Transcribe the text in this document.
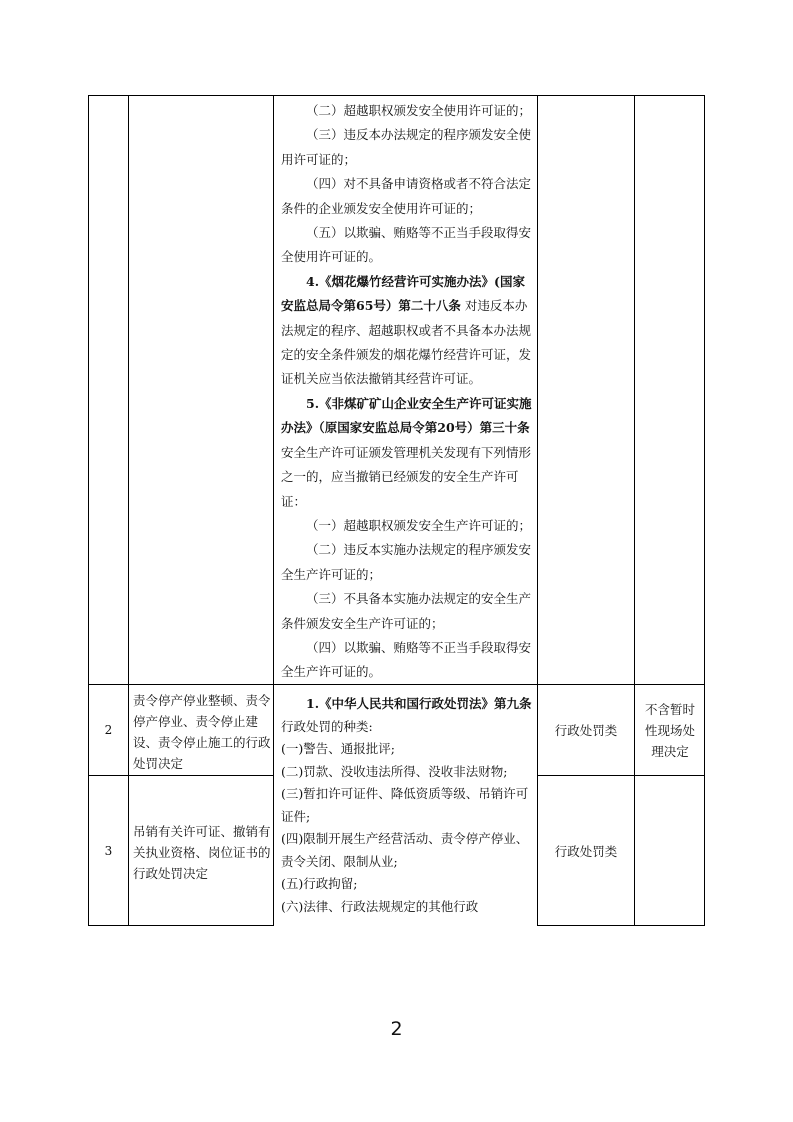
（二）超越职权颁发安全使用许可证的；

（三）违反本办法规定的程序颁发安全使用许可证的；

（四）对不具备申请资格或者不符合法定条件的企业颁发安全使用许可证的；

（五）以欺骗、贿赂等不正当手段取得安全使用许可证的。

4.《烟花爆竹经营许可实施办法》(国家安监总局令第65号）第二十八条 对违反本办法规定的程序、超越职权或者不具备本办法规定的安全条件颁发的烟花爆竹经营许可证，发证机关应当依法撤销其经营许可证。

5.《非煤矿矿山企业安全生产许可证实施办法》（原国家安监总局令第20号）第三十条 安全生产许可证颁发管理机关发现有下列情形之一的，应当撤销已经颁发的安全生产许可证：

（一）超越职权颁发安全生产许可证的；

（二）违反本实施办法规定的程序颁发安全生产许可证的；

（三）不具备本实施办法规定的安全生产条件颁发安全生产许可证的；

（四）以欺骗、贿赂等不正当手段取得安全生产许可证的。

2
责令停产停业整顿、责令停产停业、责令停止建设、责令停止施工的行政处罚决定
行政处罚类
不含暂时性现场处理决定
3
吊销有关许可证、撤销有关执业资格、岗位证书的行政处罚决定
行政处罚类

1.《中华人民共和国行政处罚法》第九条 行政处罚的种类:

(一)警告、通报批评;

(二)罚款、没收违法所得、没收非法财物;

(三)暂扣许可证件、降低资质等级、吊销许可证件;

(四)限制开展生产经营活动、责令停产停业、责令关闭、限制从业;

(五)行政拘留;

(六)法律、行政法规规定的其他行政

2
